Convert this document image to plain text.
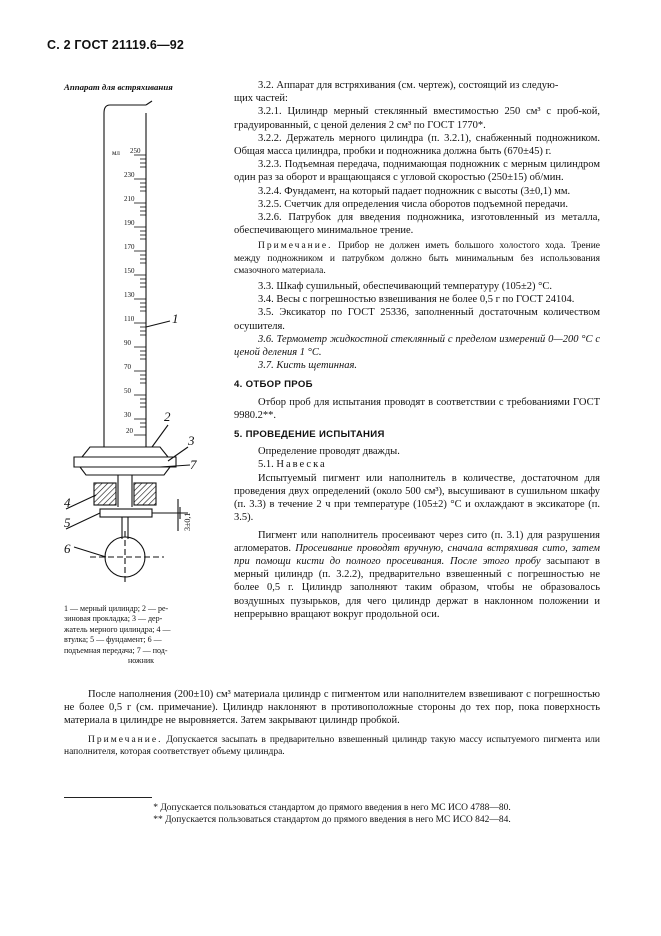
С. 2 ГОСТ 21119.6—92
Аппарат для встряхивания
мл
230
210
190
170
150
130
110
90
70
50
30
20
250
1
2
3
7
4
5
6
3±0,1
1 — мерный цилиндр; 2 — ре-
зиновая прокладка; 3 — дер-
жатель мерного цилиндра; 4 —
втулка; 5 — фундамент; 6 —
подъемная передача; 7 — под-
ножник

3.2. Аппарат для встряхивания (см. чертеж), состоящий из следую-

щих частей:

3.2.1. Цилиндр мерный стеклянный вместимостью 250 см³ с проб-кой, градуированный, с ценой деления 2 см³ по ГОСТ 1770*.

3.2.2. Держатель мерного цилиндра (п. 3.2.1), снабженный подножником. Общая масса цилиндра, пробки и подножника должна быть (670±45) г.

3.2.3. Подъемная передача, поднимающая подножник с мерным цилиндром один раз за оборот и вращающаяся с угловой скоростью (250±15) об/мин.

3.2.4. Фундамент, на который падает подножник с высоты (3±0,1) мм.

3.2.5. Счетчик для определения числа оборотов подъемной передачи.

3.2.6. Патрубок для введения подножника, изготовленный из металла, обеспечивающего минимальное трение.

Примечание. Прибор не должен иметь большого холостого хода. Трение между подножником и патрубком должно быть минимальным без использования смазочного материала.

3.3. Шкаф сушильный, обеспечивающий температуру (105±2) °С.

3.4. Весы с погрешностью взвешивания не более 0,5 г по ГОСТ 24104.

3.5. Эксикатор по ГОСТ 25336, заполненный достаточным количеством осушителя.

3.6. Термометр жидкостной стеклянный с пределом измерений 0—200 °С с ценой деления 1 °С.

3.7. Кисть щетинная.

4. ОТБОР ПРОБ

Отбор проб для испытания проводят в соответствии с требованиями ГОСТ 9980.2**.

5. ПРОВЕДЕНИЕ ИСПЫТАНИЯ

Определение проводят дважды.

5.1. Навеска

Испытуемый пигмент или наполнитель в количестве, достаточном для проведения двух определений (около 500 см³), высушивают в сушильном шкафу (п. 3.3) в течение 2 ч при температуре (105±2) °С и охлаждают в эксикаторе (п. 3.5).

Пигмент или наполнитель просеивают через сито (п. 3.1) для разрушения агломератов. Просеивание проводят вручную, сначала встряхивая сито, затем при помощи кисти до полного просеивания. После этого пробу засыпают в мерный цилиндр (п. 3.2.2), предварительно взвешенный с погрешностью не более 0,5 г. Цилиндр заполняют таким образом, чтобы не образовалось воздушных пузырьков, для чего цилиндр держат в наклонном положении и непрерывно вращают вокруг продольной оси.

После наполнения (200±10) см³ материала цилиндр с пигментом или наполнителем взвешивают с погрешностью не более 0,5 г (см. примечание). Цилиндр наклоняют в противоположные стороны до тех пор, пока поверхность материала в цилиндре не выровняется. Затем закрывают цилиндр пробкой.

Примечание. Допускается засыпать в предварительно взвешенный цилиндр такую массу испытуемого пигмента или наполнителя, которая соответствует объему цилиндра.

* Допускается пользоваться стандартом до прямого введения в него МС ИСО 4788—80.

** Допускается пользоваться стандартом до прямого введения в него МС ИСО 842—84.
